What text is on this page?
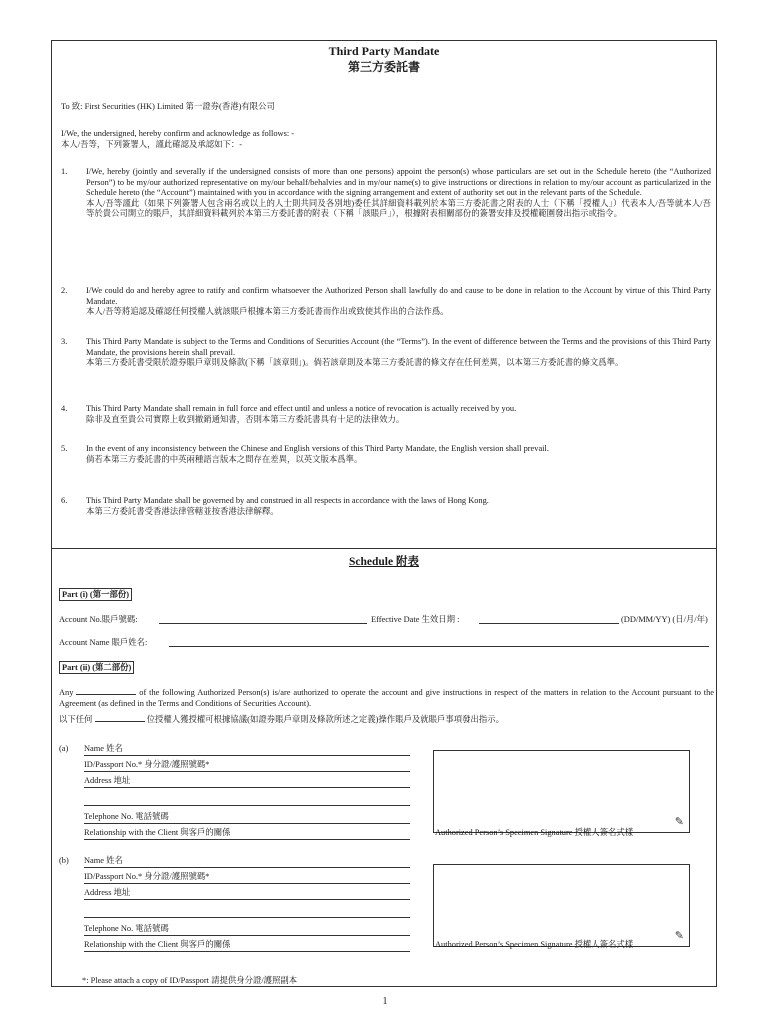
Third Party Mandate
第三方委託書
To 致: First Securities (HK) Limited 第一證券(香港)有限公司
I/We, the undersigned, hereby confirm and acknowledge as follows: -
本人/吾等，下列簽署人，謹此確認及承認如下：-
1.	I/We, hereby (jointly and severally if the undersigned consists of more than one persons) appoint the person(s) whose particulars are set out in the Schedule hereto (the “Authorized Person”) to be my/our authorized representative on my/our behalf/behalvies and in my/our name(s) to give instructions or directions in relation to my/our account as particularized in the Schedule hereto (the “Account”) maintained with you in accordance with the signing arrangement and extent of authority set out in the relevant parts of the Schedule.
本人/吾等謹此（如果下列簽署人包含兩名或以上的人士則共同及各別地)委任其詳細資料載列於本第三方委託書之附表的人士（下稱「授權人」）代表本人/吾等就本人/吾等於貴公司開立的賬戶，其詳細資料載列於本第三方委託書的附表（下稱「該賬戶」），根據附表相關部份的簽署安排及授權範圍發出指示或指令。
2.	I/We could do and hereby agree to ratify and confirm whatsoever the Authorized Person shall lawfully do and cause to be done in relation to the Account by virtue of this Third Party Mandate.
本人/吾等將追認及確認任何授權人就該賬戶根據本第三方委託書而作出或致使其作出的合法作爲。
3.	This Third Party Mandate is subject to the Terms and Conditions of Securities Account (the “Terms”). In the event of difference between the Terms and the provisions of this Third Party Mandate, the provisions herein shall prevail.
本第三方委託書受限於證券賬戶章則及條款(下稱「該章則」)。倘若該章則及本第三方委託書的條文存在任何差異，以本第三方委託書的條文爲準。
4.	This Third Party Mandate shall remain in full force and effect until and unless a notice of revocation is actually received by you.
除非及直至貴公司實際上收到撤銷通知書，否則本第三方委託書具有十足的法律效力。
5.	In the event of any inconsistency between the Chinese and English versions of this Third Party Mandate, the English version shall prevail.
倘若本第三方委託書的中英兩種語言版本之間存在差異，以英文版本爲準。
6.	This Third Party Mandate shall be governed by and construed in all respects in accordance with the laws of Hong Kong.
本第三方委託書受香港法律管轄並按香港法律解釋。
Schedule 附表
Part (i) (第一部份)
Account No.賬戶號碼:	Effective Date 生效日期 :	(DD/MM/YY) (日/月/年)
Account Name 賬戶姓名:
Part (ii) (第二部份)
Any	of the following Authorized Person(s) is/are authorized to operate the account and give instructions in respect of the matters in relation to the Account pursuant to the Agreement (as defined in the Terms and Conditions of Securities Account).
以下任何	位授權人獲授權可根據協議(如證券賬戶章則及條款所述之定義)操作賬戶及就賬戶事項發出指示。
(a) Name 姓名
ID/Passport No.* 身分證/護照號碼*
Address 地址
Telephone No. 電話號碼
Relationship with the Client 與客戶的關係
✎
Authorized Person’s Specimen Signature 授權人簽名式樣
(b) Name 姓名
ID/Passport No.* 身分證/護照號碼*
Address 地址
Telephone No. 電話號碼
Relationship with the Client 與客戶的關係
✎
Authorized Person’s Specimen Signature 授權人簽名式樣
*: Please attach a copy of ID/Passport 請提供身分證/護照副本
1
